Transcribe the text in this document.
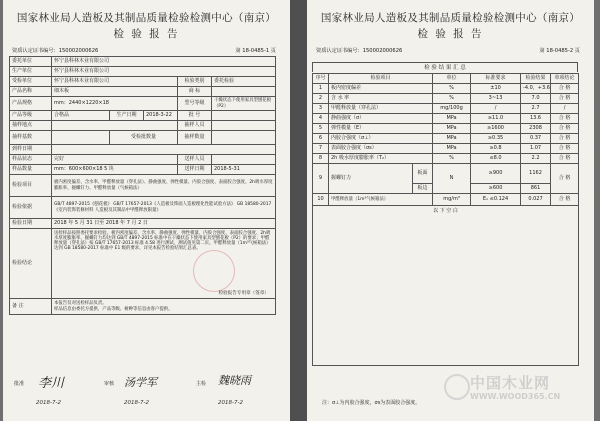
国家林业局人造板及其制品质量检验检测中心（南京）
检 验 报 告
资质认定证书编号：150002000626	第 18-0485-1 页
委托单位	怀宁县科林木业有限公司				
生产单位	怀宁县科林木业有限公司				
受检单位	怀宁县科林木业有限公司			检验类别	委托检验
产品名称	细木板			商 标	
产品规格	mm：2440×1220×18			型号等级	干燥状态下使用家具型刨花板（P2）
产品等级	合格品	生产日期	2018-3-22	批 号	
抽样地点				抽样人员	
抽样基数		受检批数量		抽样数量	
到样日期					
样品状态	完好			送样人员	
样品数量	mm：600×600×18 5 块			送样日期	2018-5-31
检验项目	板内密度偏差、含水率、甲醛释放量（穿孔法）、静曲强度、弹性模量、内胶合强度、表面胶合强度、2h吸水厚度膨胀率、握螺钉力、甲醛释放量（气候箱法）				
检验依据	GB/T 4897-2015《刨花板》 GB/T 17657-2013《人造板及饰面人造板理化性能试验方法》 GB 18580-2017《室内装饰装修材料 人造板及其制品中甲醛释放限量》				
检验日期	2018 年 5 月 31 日至 2018 年 7 月 2 日				
检验结论	送检样品按照委托要求检验。板内密度偏差、含水率、静曲强度、弹性模量、内胶合强度、表面胶合强度、2h吸水厚度膨胀率、握螺钉力均达到 GB/T 4897-2015 标准中在干燥状态下使用家具型刨花板（P2）的要求；甲醛释放量（穿孔法）按 GB/T 17657-2013 标准 4.58 进行测试，测试值见第二页。甲醛释放量（1m³气候箱法）达到 GB 18580-2017 标准中 E1 级的要求，详见本报告检验结果汇总表。
检验报告专用章（签章）				

备 注	本报告仅对送检样品负责。
样品信息由委托方提供，产品等级、树种等信息由客户提供。				
批准 李川
2018-7-2
审核 汤学军
2018-7-2
主检 魏晓雨
2018-7-2
国家林业局人造板及其制品质量检验检测中心（南京）
检 验 报 告
资质认定证书编号：150002000626	第 18-0485-2 页
检 验 结 果 汇 总
序号	检验项目		单位	标准要求	检验结果	单项结论
1	板内密度偏差		%	±10	-4.0，+3.6	合 格
2	含 水 率		%	3~13	7.0	合 格
3	甲醛释放量（穿孔法）		mg/100g	/	2.7	/
4	静曲强度（σ）		MPa	≥11.0	13.6	合 格
5	弹性模量（E）		MPa	≥1600	2308	合 格
6	内胶合强度（σ⊥）		MPa	≥0.35	0.37	合 格
7	表面胶合强度（σs）		MPa	≥0.8	1.07	合 格
8	2h 吸水厚度膨胀率（T₂）		%	≤8.0	2.2	合 格
9	握螺钉力	板面	N	≥900	1162	合 格
		板边		≥600	861	
10	甲醛释放量（1m³气候箱法）		mg/m³	E₁ ≤0.124	0.027	合 格
以 下 空 白						
注：σ⊥为内胶合强度，σs为表面胶合强度。
中国木业网
WWW.WOOD365.CN
